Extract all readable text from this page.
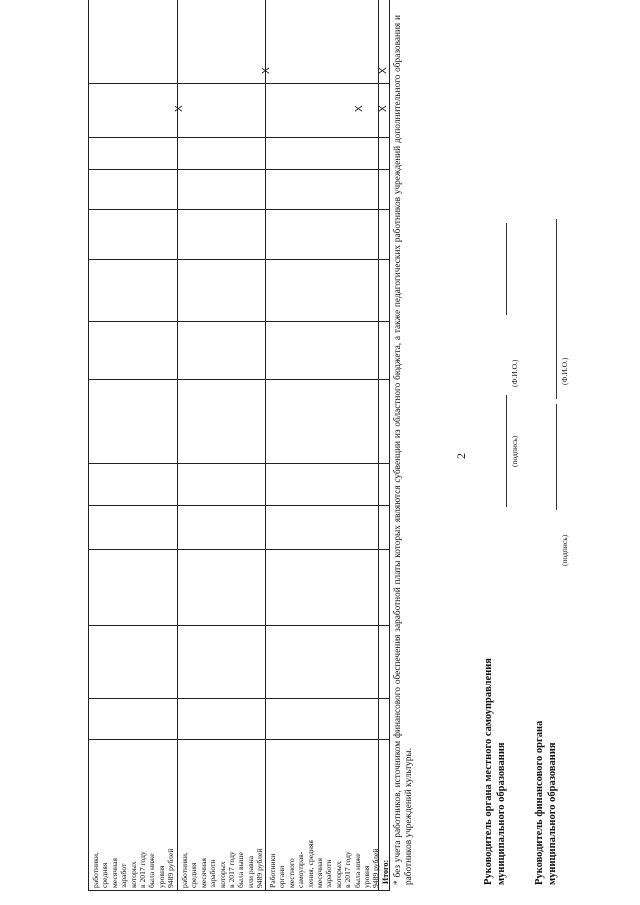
2
работники,
средняя
месячная
заработ
которых
в 2017 году
была ниже
уровня
9489 рублей работники,
средняя
месячная
заработн
которых
в 2017 году
была выше
или равна
9489 рублей Работники
органи
местного
самоуправ-
ления, средняя
месячная
заработн
которых
в 2017 году
была ниже
уровня
9489 рублей
Итого:
X
X
X X
X * без учета работников, источником финансового обеспечения заработной платы которых являются субвенции из областного бюджета, а также педагогических работников учреждений дополнительного образования и работников учреждений культуры.	Руководитель органа местного самоуправления муниципального образования
(подпись)
(Ф.И.О.)
Руководитель финансового органа муниципального образования
(подпись)
(Ф.И.О.)
